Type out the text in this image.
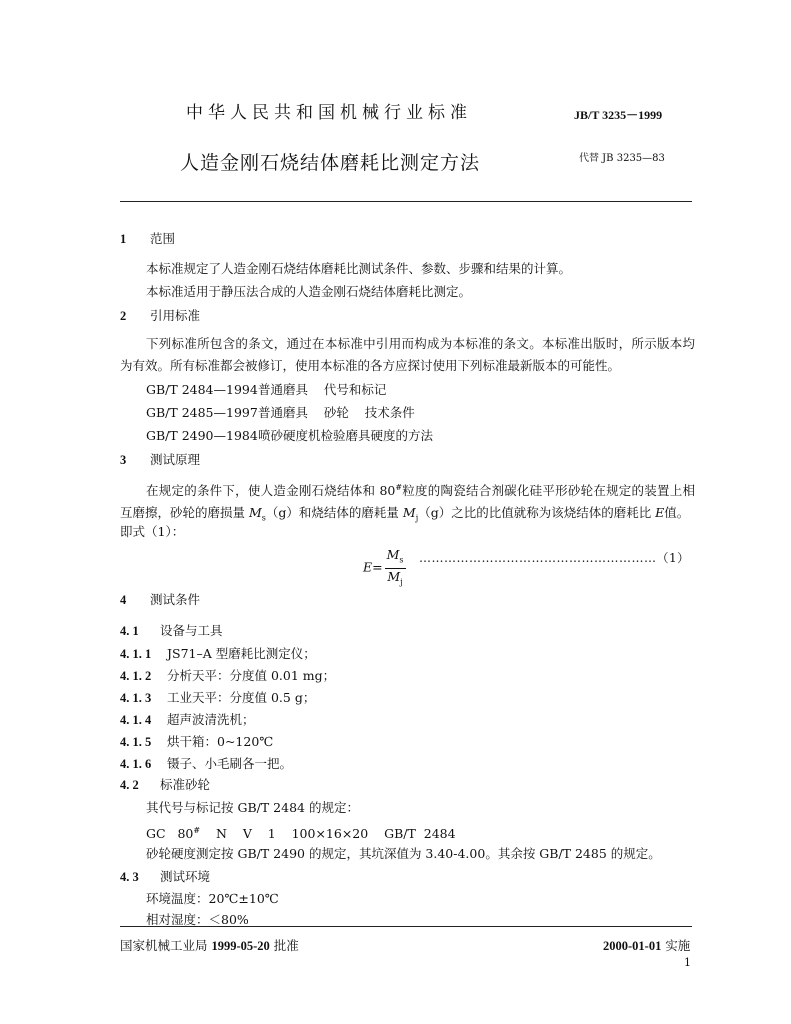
中华人民共和国机械行业标准	JB/T 3235－1999
人造金刚石烧结体磨耗比测定方法	代替 JB 3235—83
1 范围
本标准规定了人造金刚石烧结体磨耗比测试条件、参数、步骤和结果的计算。
本标准适用于静压法合成的人造金刚石烧结体磨耗比测定。
2 引用标准
下列标准所包含的条文，通过在本标准中引用而构成为本标准的条文。本标准出版时，所示版本均为有效。所有标准都会被修订，使用本标准的各方应探讨使用下列标准最新版本的可能性。
GB/T 2484—1994普通磨具    代号和标记
GB/T 2485—1997普通磨具    砂轮    技术条件
GB/T 2490—1984喷砂硬度机检验磨具硬度的方法
3 测试原理
在规定的条件下，使人造金刚石烧结体和 80#粒度的陶瓷结合剂碳化硅平形砂轮在规定的装置上相互磨擦，砂轮的磨损量 $M_s(g)$和烧结体的磨耗量 $M_j(g)$之比的比值就称为该烧结体的磨耗比 E值。
即式（1）：
$E= \frac{M_s}{M_j}$ …………………………………………………（1）
4 测试条件
4. 1 设备与工具
4. 1. 1 JS71–A 型磨耗比测定仪；
4. 1. 2 分析天平：分度值 0.01 mg；
4. 1. 3 工业天平：分度值 0.5 g；
4. 1. 4 超声波清洗机；
4. 1. 5 烘干箱：0~120℃
4. 1. 6 镊子、小毛刷各一把。
4. 2 标准砂轮
其代号与标记按 GB/T 2484 的规定：
GC   80#    N    V    1    100×16×20    GB/T  2484
砂轮硬度测定按 GB/T 2490 的规定，其坑深值为 3.40-4.00。其余按 GB/T 2485 的规定。
4. 3 测试环境
环境温度：20℃±10℃
相对湿度：＜80%
国家机械工业局 1999-05-20 批准	2000-01-01 实施
1
